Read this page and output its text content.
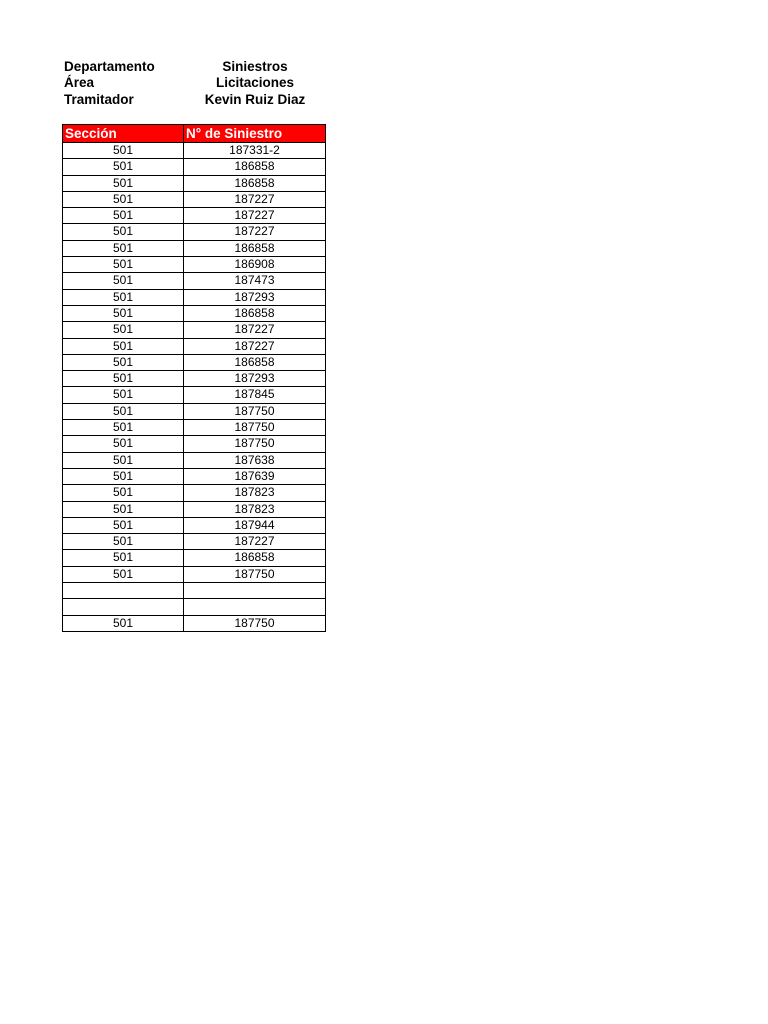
Departamento	Siniestros
Área	Licitaciones
Tramitador	Kevin Ruiz Diaz
Sección	N° de Siniestro
501	187331-2
501	186858
501	186858
501	187227
501	187227
501	187227
501	186858
501	186908
501	187473
501	187293
501	186858
501	187227
501	187227
501	186858
501	187293
501	187845
501	187750
501	187750
501	187750
501	187638
501	187639
501	187823
501	187823
501	187944
501	187227
501	186858
501	187750

501	187750
